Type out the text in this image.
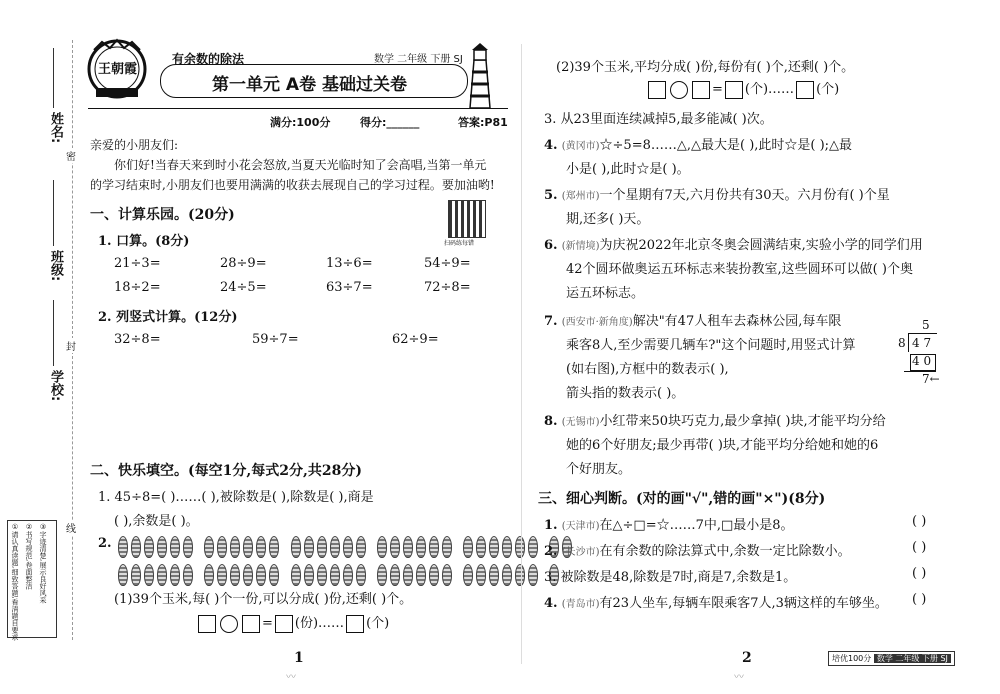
姓名:
班级:
学校:
密
封
线
①请认真读题,细致答题,看清题目要求 ②书写规范,卷面整洁 ③字迹清楚,展示良好风采
王朝霞
有余数的除法	数学 二年级 下册 SJ
第一单元 A卷 基础过关卷
满分:100分	得分:______	答案:P81
亲爱的小朋友们:
你们好!当春天来到时小花会怒放,当夏天光临时知了会高唱,当第一单元
的学习结束时,小朋友们也要用满满的收获去展现自己的学习过程。要加油哟!
扫码练每错
一、计算乐园。(20分)
1. 口算。(8分)
21÷3=	28÷9=	13÷6=	54÷9=
18÷2=	24÷5=	63÷7=	72÷8=
2. 列竖式计算。(12分)
32÷8=	59÷7=	62÷9=
二、快乐填空。(每空1分,每式2分,共28分)
1. 45÷8=( )……( ),被除数是( ),除数是( ),商是
( ),余数是( )。
2.

(1)39个玉米,每( )个一份,可以分成( )份,还剩( )个。
= (份)…… (个)
(2)39个玉米,平均分成( )份,每份有( )个,还剩( )个。
= (个)…… (个)
3. 从23里面连续减掉5,最多能减( )次。
4. (黄冈市)☆÷5=8……△,△最大是( ),此时☆是( );△最
小是( ),此时☆是( )。
5. (郑州市)一个星期有7天,六月份共有30天。六月份有( )个星
期,还多( )天。
6. (新情境)为庆祝2022年北京冬奥会圆满结束,实验小学的同学们用
42个圆环做奥运五环标志来装扮教室,这些圆环可以做( )个奥
运五环标志。
7. (西安市·新角度)解决"有47人租车去森林公园,每车限
乘客8人,至少需要几辆车?"这个问题时,用竖式计算
(如右图),方框中的数表示( ),
箭头指的数表示( )。
5
8 4 7
4 0
7←
8. (无锡市)小红带来50块巧克力,最少拿掉( )块,才能平均分给
她的6个好朋友;最少再带( )块,才能平均分给她和她的6
个好朋友。
三、细心判断。(对的画"√",错的画"×")(8分)
1. (天津市)在△÷□=☆……7中,□最小是8。	( )
2. (长沙市)在有余数的除法算式中,余数一定比除数小。	( )
3. 被除数是48,除数是7时,商是7,余数是1。	( )
4. (青岛市)有23人坐车,每辆车限乘客7人,3辆这样的车够坐。 ( )
1
〰
2
〰
培优100分 数学 二年级 下册 SJ
